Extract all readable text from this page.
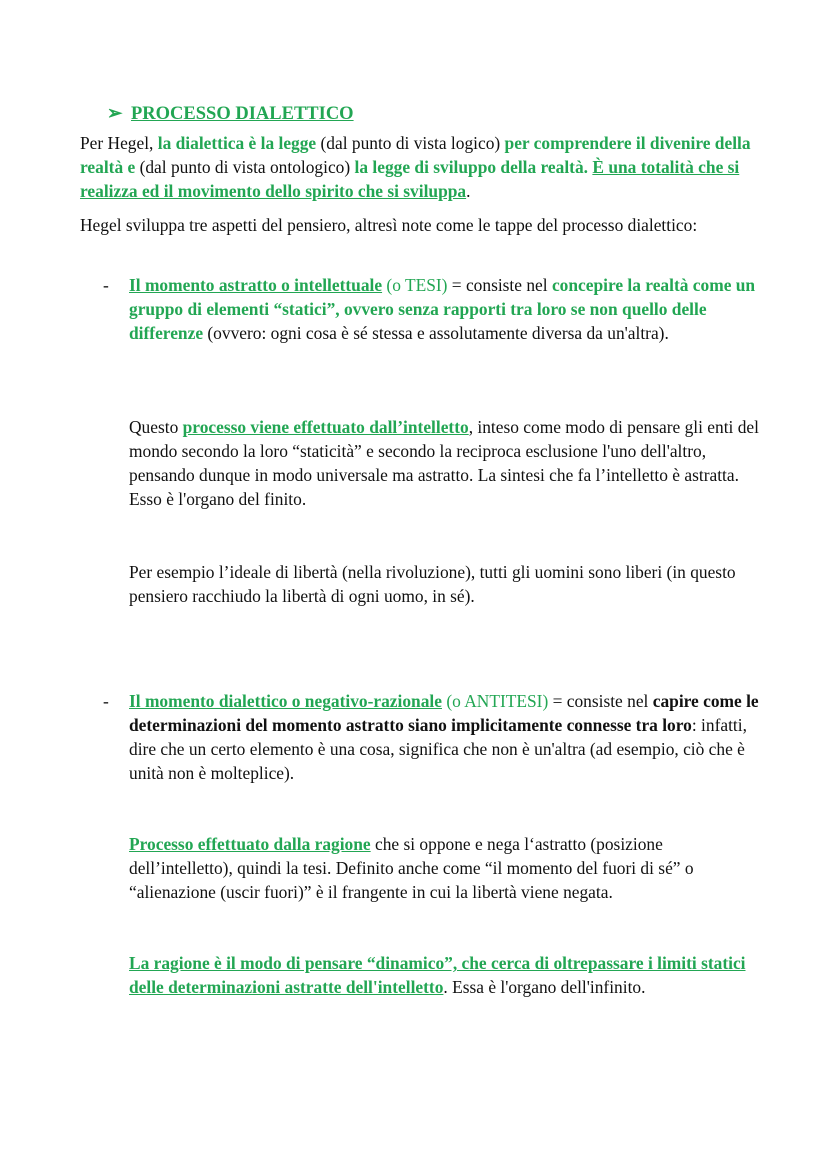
➢ PROCESSO DIALETTICO
Per Hegel, la dialettica è la legge (dal punto di vista logico) per comprendere il divenire della realtà e (dal punto di vista ontologico) la legge di sviluppo della realtà. È una totalità che si realizza ed il movimento dello spirito che si sviluppa.
Hegel sviluppa tre aspetti del pensiero, altresì note come le tappe del processo dialettico:
- Il momento astratto o intellettuale (o TESI) = consiste nel concepire la realtà come un gruppo di elementi “statici”, ovvero senza rapporti tra loro se non quello delle differenze (ovvero: ogni cosa è sé stessa e assolutamente diversa da un'altra).
Questo processo viene effettuato dall’intelletto, inteso come modo di pensare gli enti del mondo secondo la loro “staticità” e secondo la reciproca esclusione l'uno dell'altro, pensando dunque in modo universale ma astratto. La sintesi che fa l’intelletto è astratta. Esso è l'organo del finito.
Per esempio l’ideale di libertà (nella rivoluzione), tutti gli uomini sono liberi (in questo pensiero racchiudo la libertà di ogni uomo, in sé).
- Il momento dialettico o negativo-razionale (o ANTITESI) = consiste nel capire come le determinazioni del momento astratto siano implicitamente connesse tra loro: infatti, dire che un certo elemento è una cosa, significa che non è un'altra (ad esempio, ciò che è unità non è molteplice).
Processo effettuato dalla ragione che si oppone e nega l‘astratto (posizione dell’intelletto), quindi la tesi. Definito anche come “il momento del fuori di sé” o “alienazione (uscir fuori)” è il frangente in cui la libertà viene negata.
La ragione è il modo di pensare “dinamico”, che cerca di oltrepassare i limiti statici delle determinazioni astratte dell'intelletto. Essa è l'organo dell'infinito.
